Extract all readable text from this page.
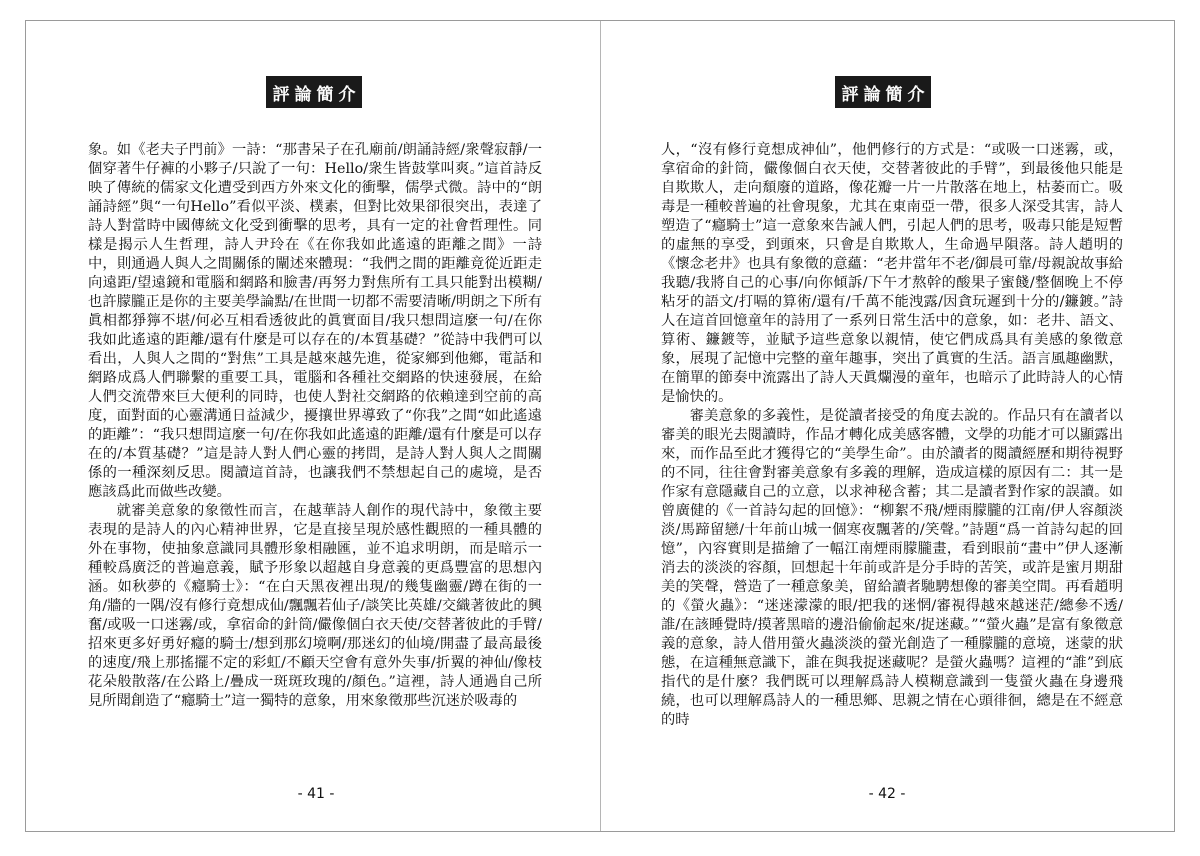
評論簡介

象。如《老夫子門前》一詩：“那書呆子在孔廟前/朗誦詩經/衆聲寂靜/一個穿著牛仔褲的小夥子/只說了一句：Hello/衆生皆鼓掌叫爽。”這首詩反映了傳統的儒家文化遭受到西方外來文化的衝擊，儒學式微。詩中的“朗誦詩經”與“一句Hello”看似平淡、樸素，但對比效果卻很突出，表達了詩人對當時中國傳統文化受到衝擊的思考，具有一定的社會哲理性。同樣是揭示人生哲理，詩人尹玲在《在你我如此遙遠的距離之間》一詩中，則通過人與人之間關係的闡述來體現：“我們之間的距離竟從近距走向遠距/望遠鏡和電腦和網路和臉書/再努力對焦所有工具只能對出模糊/也許朦朧正是你的主要美學論點/在世間一切都不需要清晰/明朗之下所有眞相都猙獰不堪/何必互相看透彼此的眞實面目/我只想問這麼一句/在你我如此遙遠的距離/還有什麼是可以存在的/本質基礎？”從詩中我們可以看出，人與人之間的“對焦”工具是越來越先進，從家鄉到他鄉，電話和網路成爲人們聯繫的重要工具，電腦和各種社交網路的快速發展，在給人們交流帶來巨大便利的同時，也使人對社交網路的依賴達到空前的高度，面對面的心靈溝通日益減少，擾攘世界導致了“你我”之間“如此遙遠的距離”：“我只想問這麼一句/在你我如此遙遠的距離/還有什麼是可以存在的/本質基礎？”這是詩人對人們心靈的拷問，是詩人對人與人之間關係的一種深刻反思。閱讀這首詩，也讓我們不禁想起自己的處境，是否應該爲此而做些改變。

就審美意象的象徵性而言，在越華詩人創作的現代詩中，象徵主要表現的是詩人的內心精神世界，它是直接呈現於感性觀照的一種具體的外在事物，使抽象意識同具體形象相融匯，並不追求明朗，而是暗示一種較爲廣泛的普遍意義，賦予形象以超越自身意義的更爲豐富的思想內涵。如秋夢的《癮騎士》：“在白天黑夜裡出現/的幾隻幽靈/蹲在街的一角/牆的一隅/沒有修行竟想成仙/飄飄若仙子/談笑比英雄/交織著彼此的興奮/或吸一口迷霧/或，拿宿命的針筒/儼像個白衣天使/交替著彼此的手臂/招來更多好勇好癮的騎士/想到那幻境啊/那迷幻的仙境/開盡了最高最後的速度/飛上那搖擺不定的彩虹/不顧天空會有意外失事/折翼的神仙/像枝花朵般散落/在公路上/疊成一斑斑玫瑰的/顏色。”這裡，詩人通過自己所見所聞創造了“癮騎士”這一獨特的意象，用來象徵那些沉迷於吸毒的

- 41 -
評論簡介

人，“沒有修行竟想成神仙”，他們修行的方式是：“或吸一口迷霧，或，拿宿命的針筒，儼像個白衣天使，交替著彼此的手臂”，到最後他只能是自欺欺人，走向頹廢的道路，像花瓣一片一片散落在地上，枯萎而亡。吸毒是一種較普遍的社會現象，尤其在東南亞一帶，很多人深受其害，詩人塑造了“癮騎士”這一意象來告誡人們，引起人們的思考，吸毒只能是短暫的虛無的享受，到頭來，只會是自欺欺人，生命過早隕落。詩人趙明的《懷念老井》也具有象徵的意蘊：“老井當年不老/御晨可靠/母親說故事給我聽/我將自己的心事/向你傾訴/下午才熬幹的酸果子蜜餞/整個晚上不停粘牙的語文/打嗝的算術/還有/千萬不能洩露/因貪玩遲到十分的/鐮鍍。”詩人在這首回憶童年的詩用了一系列日常生活中的意象，如：老井、語文、算術、鐮鍍等，並賦予這些意象以親情，使它們成爲具有美感的象徵意象，展現了記憶中完整的童年趣事，突出了眞實的生活。語言風趣幽默，在簡單的節奏中流露出了詩人天眞爛漫的童年，也暗示了此時詩人的心情是愉快的。

審美意象的多義性，是從讀者接受的角度去說的。作品只有在讀者以審美的眼光去閱讀時，作品才轉化成美感客體，文學的功能才可以顯露出來，而作品至此才獲得它的“美學生命”。由於讀者的閱讀經歷和期待視野的不同，往往會對審美意象有多義的理解，造成這樣的原因有二：其一是作家有意隱藏自己的立意，以求神秘含蓄；其二是讀者對作家的誤讀。如曾廣健的《一首詩勾起的回憶》：“柳絮不飛/煙雨朦朧的江南/伊人容顏淡淡/馬蹄留戀/十年前山城一個寒夜飄著的/笑聲。”詩題“爲一首詩勾起的回憶”，內容實則是描繪了一幅江南煙雨朦朧畫，看到眼前“畫中”伊人逐漸消去的淡淡的容顏，回想起十年前或許是分手時的苦笑，或許是蜜月期甜美的笑聲，營造了一種意象美，留給讀者馳騁想像的審美空間。再看趙明的《螢火蟲》：“迷迷濛濛的眼/把我的迷惘/審視得越來越迷茫/總參不透/誰/在該睡覺時/摸著黑暗的邊沿偷偷起來/捉迷藏。”“螢火蟲”是富有象徵意義的意象，詩人借用螢火蟲淡淡的螢光創造了一種朦朧的意境，迷蒙的狀態，在這種無意識下，誰在與我捉迷藏呢？是螢火蟲嗎？這裡的“誰”到底指代的是什麼？我們既可以理解爲詩人模糊意識到一隻螢火蟲在身邊飛繞，也可以理解爲詩人的一種思鄉、思親之情在心頭徘徊，總是在不經意的時

- 42 -
